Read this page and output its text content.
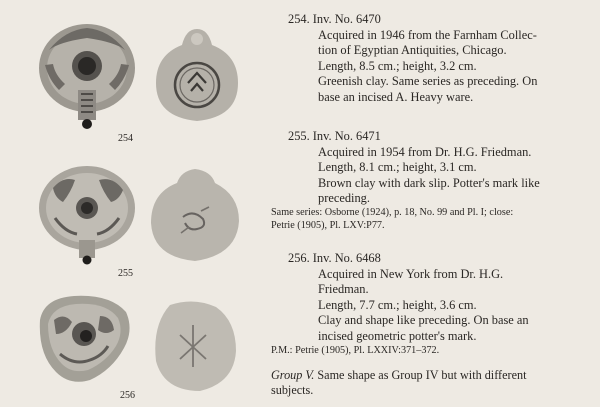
254
255
256
254. Inv. No. 6470
Acquired in 1946 from the Farnham Collec-
tion of Egyptian Antiquities, Chicago.
Length, 8.5 cm.; height, 3.2 cm.
Greenish clay. Same series as preceding. On
base an incised A. Heavy ware.
255. Inv. No. 6471
Acquired in 1954 from Dr. H.G. Friedman.
Length, 8.1 cm.; height, 3.1 cm.
Brown clay with dark slip. Potter's mark like
preceding.
Same series: Osborne (1924), p. 18, No. 99 and Pl. I; close:
Petrie (1905), Pl. LXV:P77.
256. Inv. No. 6468
Acquired in New York from Dr. H.G.
Friedman.
Length, 7.7 cm.; height, 3.6 cm.
Clay and shape like preceding. On base an
incised geometric potter's mark.
P.M.: Petrie (1905), Pl. LXXIV:371–372.
Group V. Same shape as Group IV but with different
subjects.
